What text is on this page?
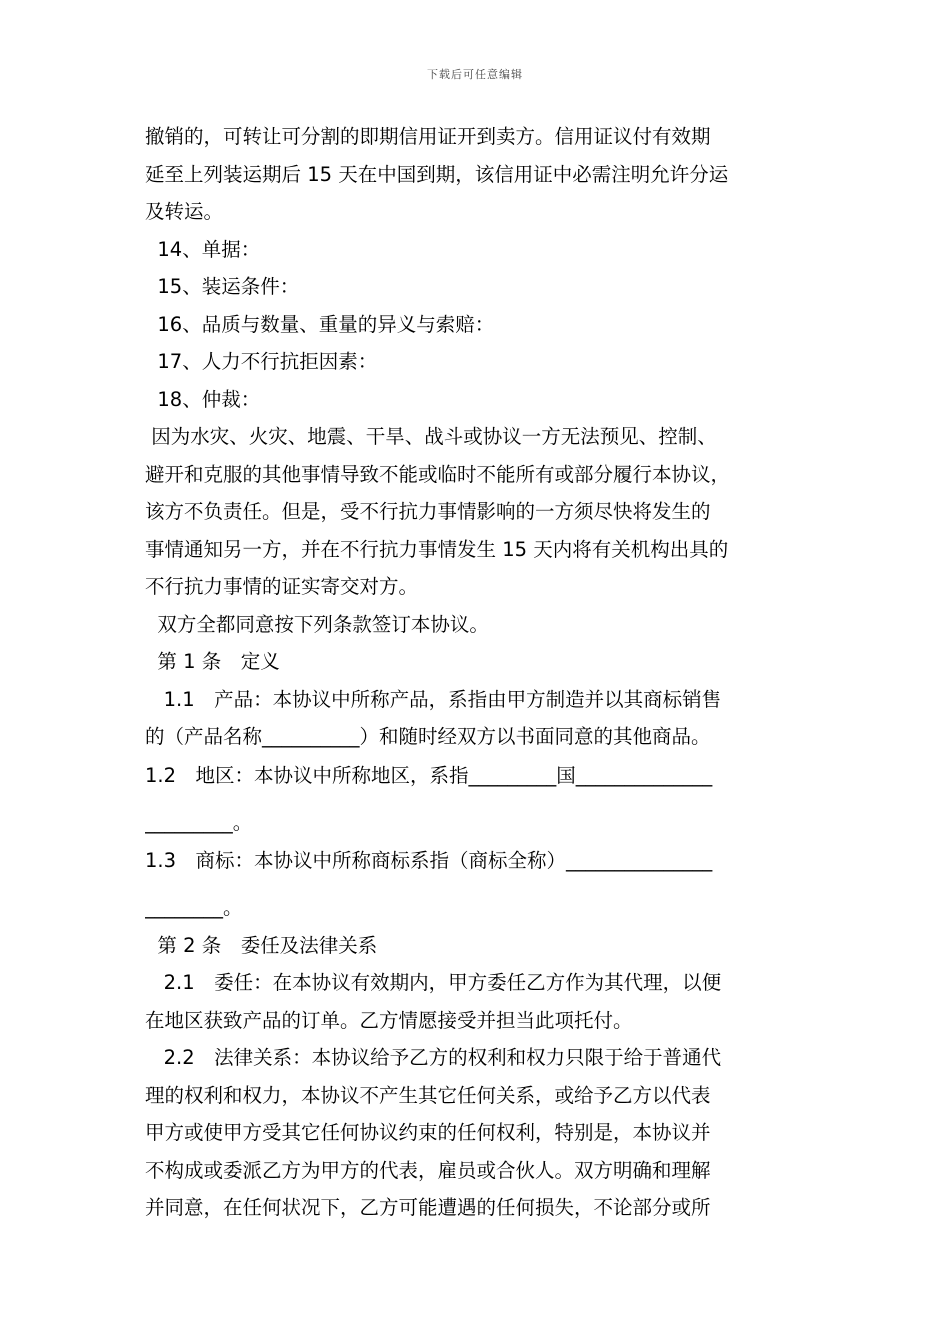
下载后可任意编辑
撤销的，可转让可分割的即期信用证开到卖方。信用证议付有效期
延至上列装运期后 15 天在中国到期，该信用证中必需注明允许分运
及转运。
14、单据：
15、装运条件：
16、品质与数量、重量的异义与索赔：
17、人力不行抗拒因素：
18、仲裁：
因为水灾、火灾、地震、干旱、战斗或协议一方无法预见、控制、
避开和克服的其他事情导致不能或临时不能所有或部分履行本协议，
该方不负责任。但是，受不行抗力事情影响的一方须尽快将发生的
事情通知另一方，并在不行抗力事情发生 15 天内将有关机构出具的
不行抗力事情的证实寄交对方。
双方全都同意按下列条款签订本协议。
第 1 条　定义
1.1　产品：本协议中所称产品，系指由甲方制造并以其商标销售
的（产品名称__________）和随时经双方以书面同意的其他商品。
1.2　地区：本协议中所称地区，系指_________国______________
_________。
1.3　商标：本协议中所称商标系指（商标全称）_______________
________。
第 2 条　委任及法律关系
2.1　委任：在本协议有效期内，甲方委任乙方作为其代理，以便
在地区获致产品的订单。乙方情愿接受并担当此项托付。
2.2　法律关系：本协议给予乙方的权利和权力只限于给于普通代
理的权利和权力，本协议不产生其它任何关系，或给予乙方以代表
甲方或使甲方受其它任何协议约束的任何权利，特别是，本协议并
不构成或委派乙方为甲方的代表，雇员或合伙人。双方明确和理解
并同意，在任何状况下，乙方可能遭遇的任何损失，不论部分或所
